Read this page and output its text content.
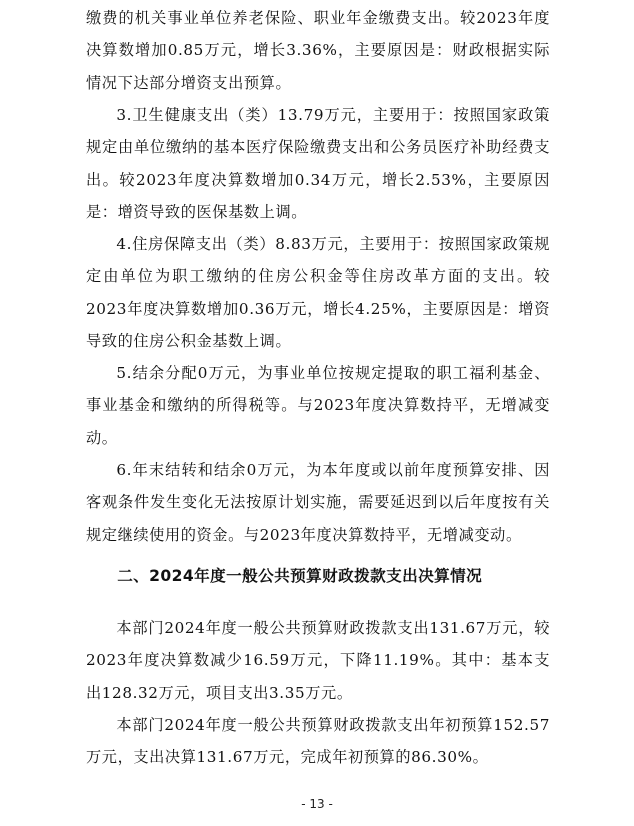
缴费的机关事业单位养老保险、职业年金缴费支出。较2023年度决算数增加0.85万元，增长3.36%，主要原因是：财政根据实际情况下达部分增资支出预算。

3.卫生健康支出（类）13.79万元，主要用于：按照国家政策规定由单位缴纳的基本医疗保险缴费支出和公务员医疗补助经费支出。较2023年度决算数增加0.34万元，增长2.53%，主要原因是：增资导致的医保基数上调。

4.住房保障支出（类）8.83万元，主要用于：按照国家政策规定由单位为职工缴纳的住房公积金等住房改革方面的支出。较2023年度决算数增加0.36万元，增长4.25%，主要原因是：增资导致的住房公积金基数上调。

5.结余分配0万元，为事业单位按规定提取的职工福利基金、事业基金和缴纳的所得税等。与2023年度决算数持平，无增减变动。

6.年末结转和结余0万元，为本年度或以前年度预算安排、因客观条件发生变化无法按原计划实施，需要延迟到以后年度按有关规定继续使用的资金。与2023年度决算数持平，无增减变动。

二、2024年度一般公共预算财政拨款支出决算情况

本部门2024年度一般公共预算财政拨款支出131.67万元，较2023年度决算数减少16.59万元，下降11.19%。其中：基本支出128.32万元，项目支出3.35万元。

本部门2024年度一般公共预算财政拨款支出年初预算152.57万元，支出决算131.67万元，完成年初预算的86.30%。

- 13 -
